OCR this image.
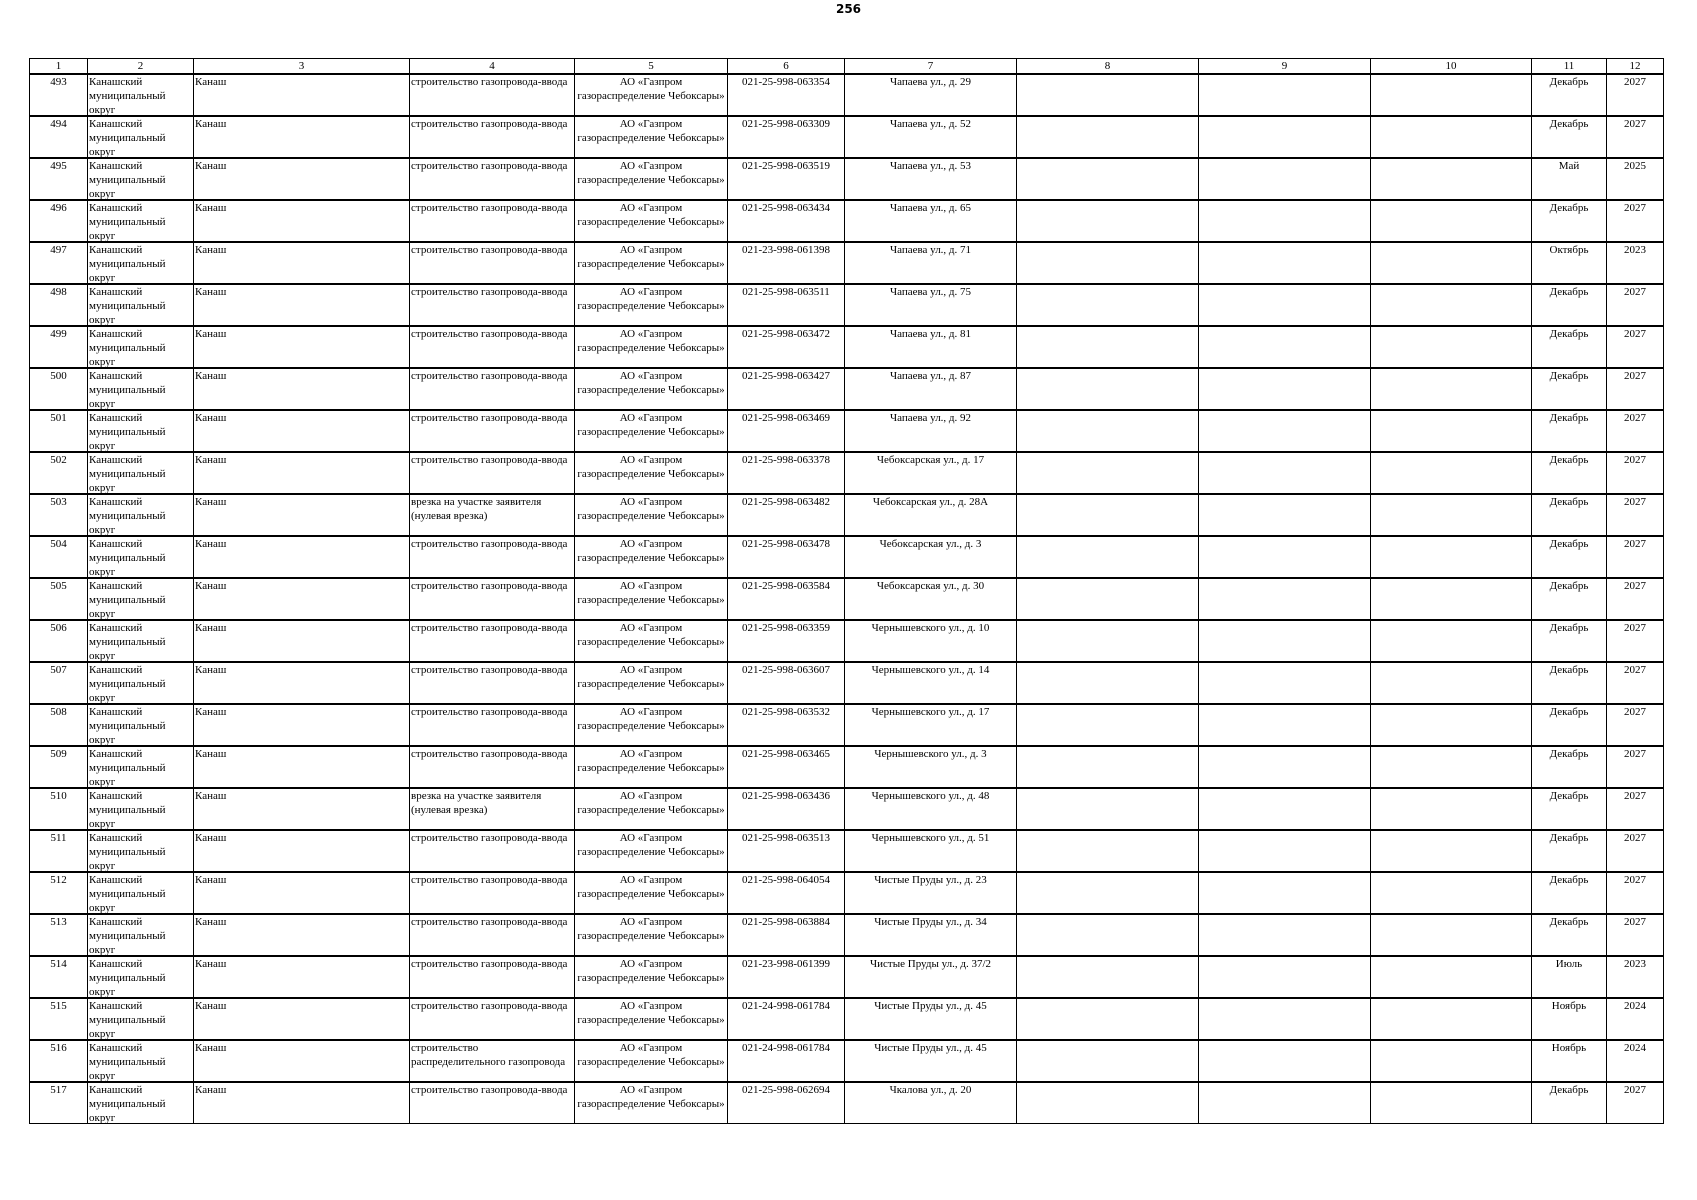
256
1	2	3	4	5	6	7	8	9	10	11	12

493	Канашский муниципальный округ	Канаш	строительство газопровода-ввода	АО «Газпром газораспределение Чебоксары»	021-25-998-063354	Чапаева ул., д. 29				Декабрь	2027

494	Канашский муниципальный округ	Канаш	строительство газопровода-ввода	АО «Газпром газораспределение Чебоксары»	021-25-998-063309	Чапаева ул., д. 52				Декабрь	2027

495	Канашский муниципальный округ	Канаш	строительство газопровода-ввода	АО «Газпром газораспределение Чебоксары»	021-25-998-063519	Чапаева ул., д. 53				Май	2025

496	Канашский муниципальный округ	Канаш	строительство газопровода-ввода	АО «Газпром газораспределение Чебоксары»	021-25-998-063434	Чапаева ул., д. 65				Декабрь	2027

497	Канашский муниципальный округ	Канаш	строительство газопровода-ввода	АО «Газпром газораспределение Чебоксары»	021-23-998-061398	Чапаева ул., д. 71				Октябрь	2023

498	Канашский муниципальный округ	Канаш	строительство газопровода-ввода	АО «Газпром газораспределение Чебоксары»	021-25-998-063511	Чапаева ул., д. 75				Декабрь	2027

499	Канашский муниципальный округ	Канаш	строительство газопровода-ввода	АО «Газпром газораспределение Чебоксары»	021-25-998-063472	Чапаева ул., д. 81				Декабрь	2027

500	Канашский муниципальный округ	Канаш	строительство газопровода-ввода	АО «Газпром газораспределение Чебоксары»	021-25-998-063427	Чапаева ул., д. 87				Декабрь	2027

501	Канашский муниципальный округ	Канаш	строительство газопровода-ввода	АО «Газпром газораспределение Чебоксары»	021-25-998-063469	Чапаева ул., д. 92				Декабрь	2027

502	Канашский муниципальный округ	Канаш	строительство газопровода-ввода	АО «Газпром газораспределение Чебоксары»	021-25-998-063378	Чебоксарская ул., д. 17				Декабрь	2027

503	Канашский муниципальный округ	Канаш	врезка на участке заявителя (нулевая врезка)	АО «Газпром газораспределение Чебоксары»	021-25-998-063482	Чебоксарская ул., д. 28А				Декабрь	2027

504	Канашский муниципальный округ	Канаш	строительство газопровода-ввода	АО «Газпром газораспределение Чебоксары»	021-25-998-063478	Чебоксарская ул., д. 3				Декабрь	2027

505	Канашский муниципальный округ	Канаш	строительство газопровода-ввода	АО «Газпром газораспределение Чебоксары»	021-25-998-063584	Чебоксарская ул., д. 30				Декабрь	2027

506	Канашский муниципальный округ	Канаш	строительство газопровода-ввода	АО «Газпром газораспределение Чебоксары»	021-25-998-063359	Чернышевского ул., д. 10				Декабрь	2027

507	Канашский муниципальный округ	Канаш	строительство газопровода-ввода	АО «Газпром газораспределение Чебоксары»	021-25-998-063607	Чернышевского ул., д. 14				Декабрь	2027

508	Канашский муниципальный округ	Канаш	строительство газопровода-ввода	АО «Газпром газораспределение Чебоксары»	021-25-998-063532	Чернышевского ул., д. 17				Декабрь	2027

509	Канашский муниципальный округ	Канаш	строительство газопровода-ввода	АО «Газпром газораспределение Чебоксары»	021-25-998-063465	Чернышевского ул., д. 3				Декабрь	2027

510	Канашский муниципальный округ	Канаш	врезка на участке заявителя (нулевая врезка)	АО «Газпром газораспределение Чебоксары»	021-25-998-063436	Чернышевского ул., д. 48				Декабрь	2027

511	Канашский муниципальный округ	Канаш	строительство газопровода-ввода	АО «Газпром газораспределение Чебоксары»	021-25-998-063513	Чернышевского ул., д. 51				Декабрь	2027

512	Канашский муниципальный округ	Канаш	строительство газопровода-ввода	АО «Газпром газораспределение Чебоксары»	021-25-998-064054	Чистые Пруды ул., д. 23				Декабрь	2027

513	Канашский муниципальный округ	Канаш	строительство газопровода-ввода	АО «Газпром газораспределение Чебоксары»	021-25-998-063884	Чистые Пруды ул., д. 34				Декабрь	2027

514	Канашский муниципальный округ	Канаш	строительство газопровода-ввода	АО «Газпром газораспределение Чебоксары»	021-23-998-061399	Чистые Пруды ул., д. 37/2				Июль	2023

515	Канашский муниципальный округ	Канаш	строительство газопровода-ввода	АО «Газпром газораспределение Чебоксары»	021-24-998-061784	Чистые Пруды ул., д. 45				Ноябрь	2024

516	Канашский муниципальный округ	Канаш	строительство распределительного газопровода	АО «Газпром газораспределение Чебоксары»	021-24-998-061784	Чистые Пруды ул., д. 45				Ноябрь	2024

517	Канашский муниципальный округ	Канаш	строительство газопровода-ввода	АО «Газпром газораспределение Чебоксары»	021-25-998-062694	Чкалова ул., д. 20				Декабрь	2027
